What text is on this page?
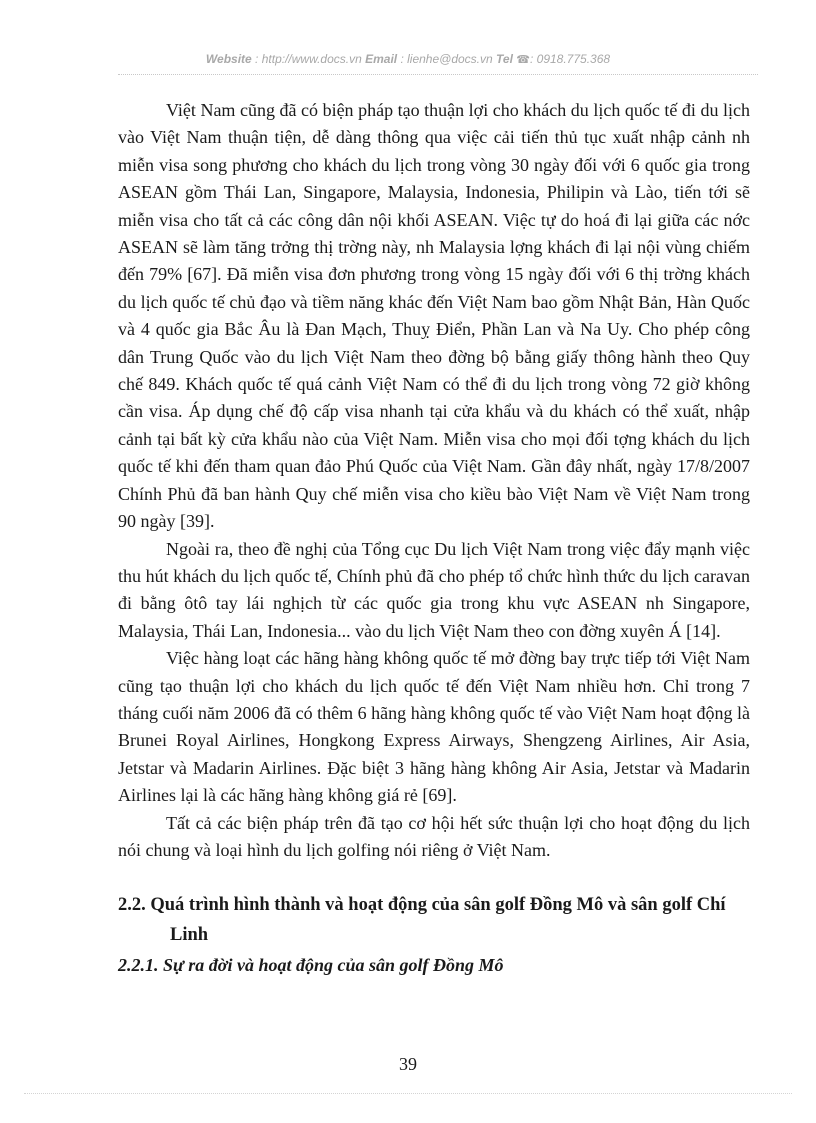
Website : http://www.docs.vn Email : lienhe@docs.vn Tel ☎: 0918.775.368

Việt Nam cũng đã có biện pháp tạo thuận lợi cho khách du lịch quốc tế đi du lịch vào Việt Nam thuận tiện, dễ dàng thông qua việc cải tiến thủ tục xuất nhập cảnh nh miễn visa song phương cho khách du lịch trong vòng 30 ngày đối với 6 quốc gia trong ASEAN gồm Thái Lan, Singapore, Malaysia, Indonesia, Philipin và Lào, tiến tới sẽ miễn visa cho tất cả các công dân nội khối ASEAN. Việc tự do hoá đi lại giữa các nớc ASEAN sẽ làm tăng trởng thị trờng này, nh Malaysia lợng khách đi lại nội vùng chiếm đến 79% [67]. Đã miễn visa đơn phương trong vòng 15 ngày đối với 6 thị trờng khách du lịch quốc tế chủ đạo và tiềm năng khác đến Việt Nam bao gồm Nhật Bản, Hàn Quốc và 4 quốc gia Bắc Âu là Đan Mạch, Thuỵ Điển, Phần Lan và Na Uy. Cho phép công dân Trung Quốc vào du lịch Việt Nam theo đờng bộ bằng giấy thông hành theo Quy chế 849. Khách quốc tế quá cảnh Việt Nam có thể đi du lịch trong vòng 72 giờ không cần visa. Áp dụng chế độ cấp visa nhanh tại cửa khẩu và du khách có thể xuất, nhập cảnh tại bất kỳ cửa khẩu nào của Việt Nam. Miễn visa cho mọi đối tợng khách du lịch quốc tế khi đến tham quan đảo Phú Quốc của Việt Nam. Gần đây nhất, ngày 17/8/2007 Chính Phủ đã ban hành Quy chế miễn visa cho kiều bào Việt Nam về Việt Nam trong 90 ngày [39].

Ngoài ra, theo đề nghị của Tổng cục Du lịch Việt Nam trong việc đẩy mạnh việc thu hút khách du lịch quốc tế, Chính phủ đã cho phép tổ chức hình thức du lịch caravan đi bằng ôtô tay lái nghịch từ các quốc gia trong khu vực ASEAN nh Singapore, Malaysia, Thái Lan, Indonesia... vào du lịch Việt Nam theo con đờng xuyên Á [14].

Việc hàng loạt các hãng hàng không quốc tế mở đờng bay trực tiếp tới Việt Nam cũng tạo thuận lợi cho khách du lịch quốc tế đến Việt Nam nhiều hơn. Chỉ trong 7 tháng cuối năm 2006 đã có thêm 6 hãng hàng không quốc tế vào Việt Nam hoạt động là Brunei Royal Airlines, Hongkong Express Airways, Shengzeng Airlines, Air Asia, Jetstar và Madarin Airlines. Đặc biệt 3 hãng hàng không Air Asia, Jetstar và Madarin Airlines lại là các hãng hàng không giá rẻ [69].

Tất cả các biện pháp trên đã tạo cơ hội hết sức thuận lợi cho hoạt động du lịch nói chung và loại hình du lịch golfing nói riêng ở Việt Nam.

2.2. Quá trình hình thành và hoạt động của sân golf Đồng Mô và sân golf Chí Linh
2.2.1. Sự ra đời và hoạt động của sân golf Đồng Mô
39
